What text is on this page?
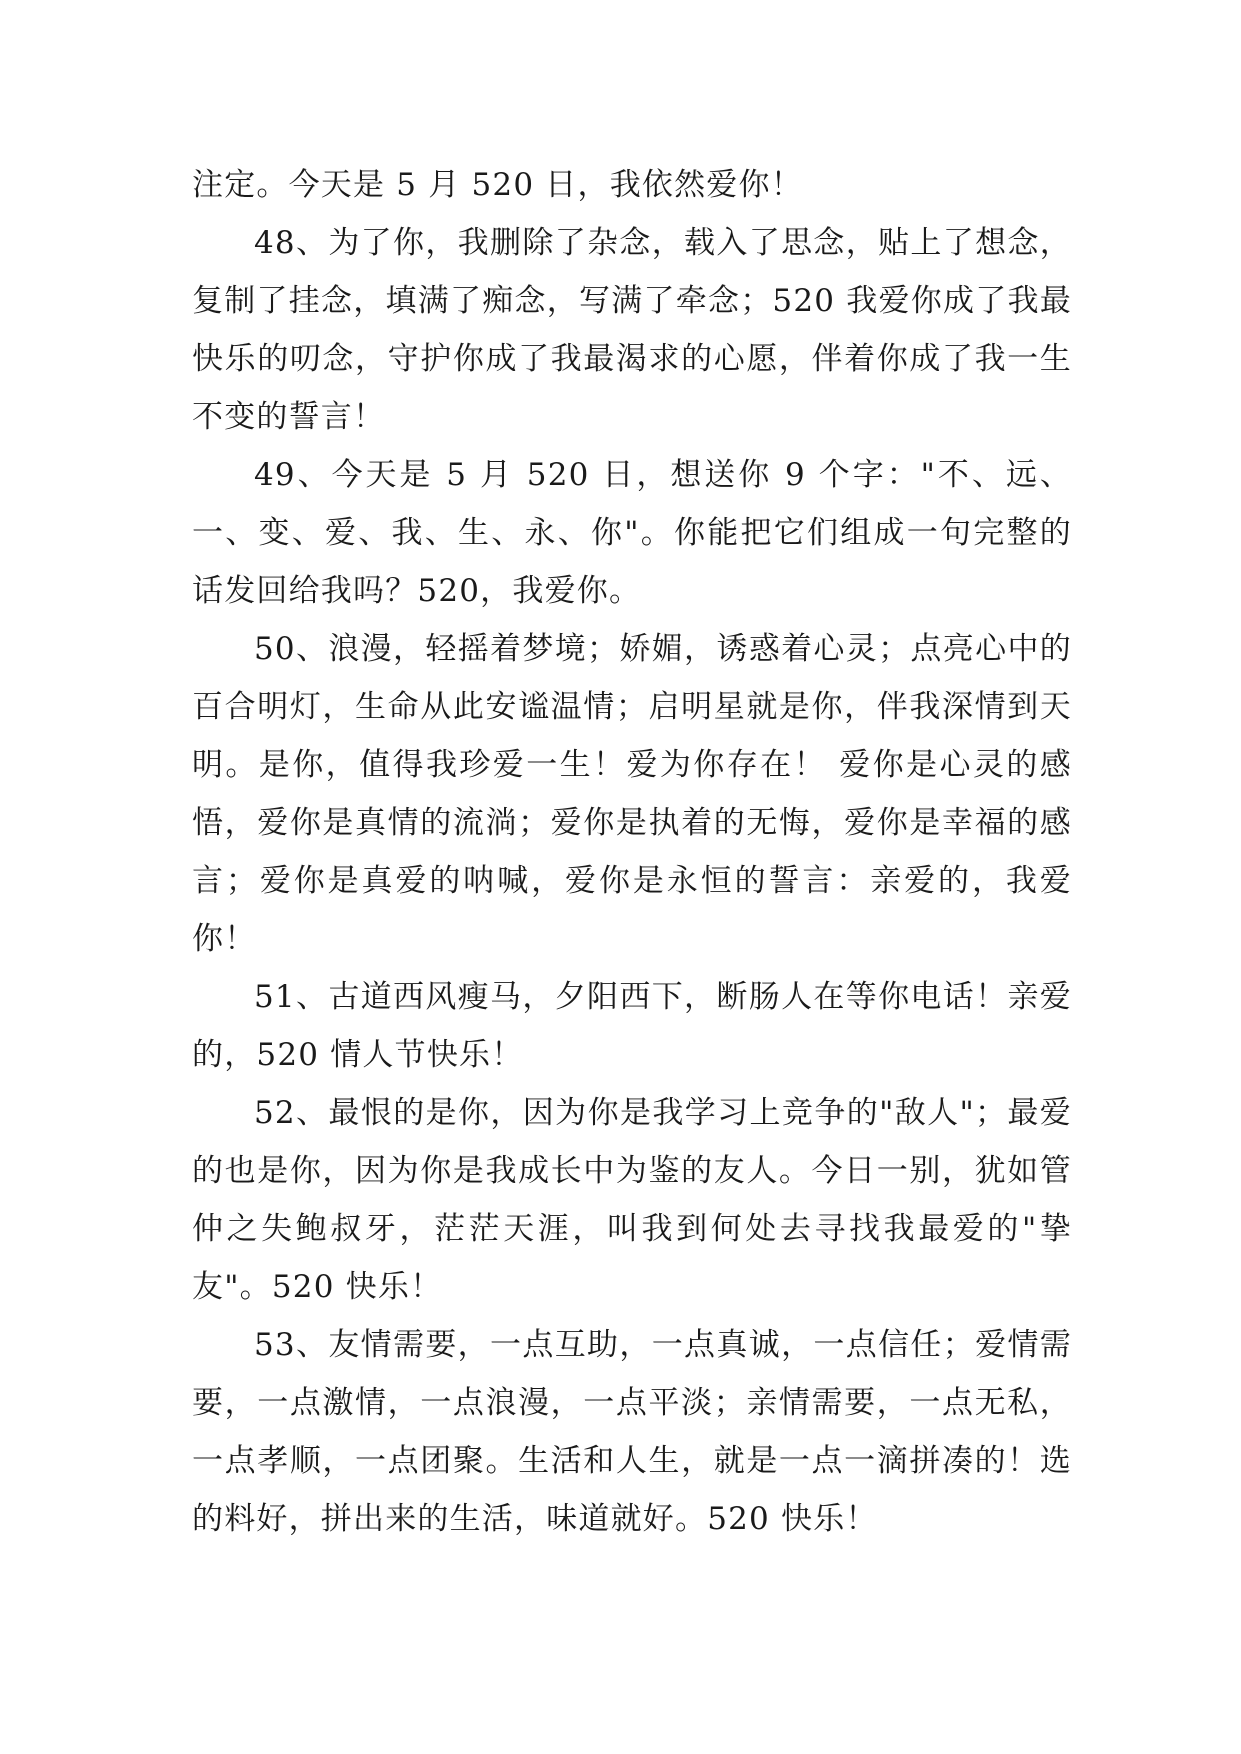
注定。今天是 5 月 520 日，我依然爱你！

48、为了你，我删除了杂念，载入了思念，贴上了想念，复制了挂念，填满了痴念，写满了牵念；520 我爱你成了我最快乐的叨念，守护你成了我最渴求的心愿，伴着你成了我一生不变的誓言！

49、今天是 5 月 520 日，想送你 9 个字："不、远、一、变、爱、我、生、永、你"。你能把它们组成一句完整的话发回给我吗？520，我爱你。

50、浪漫，轻摇着梦境；娇媚，诱惑着心灵；点亮心中的百合明灯，生命从此安谧温情；启明星就是你，伴我深情到天明。是你，值得我珍爱一生！爱为你存在！ 爱你是心灵的感悟，爱你是真情的流淌；爱你是执着的无悔，爱你是幸福的感言；爱你是真爱的呐喊，爱你是永恒的誓言：亲爱的，我爱你！

51、古道西风瘦马，夕阳西下，断肠人在等你电话！亲爱的，520 情人节快乐！

52、最恨的是你，因为你是我学习上竞争的"敌人"；最爱的也是你，因为你是我成长中为鉴的友人。今日一别，犹如管仲之失鲍叔牙，茫茫天涯，叫我到何处去寻找我最爱的"挚友"。520 快乐！

53、友情需要，一点互助，一点真诚，一点信任；爱情需要，一点激情，一点浪漫，一点平淡；亲情需要，一点无私，一点孝顺，一点团聚。生活和人生，就是一点一滴拼凑的！选的料好，拼出来的生活，味道就好。520 快乐！
